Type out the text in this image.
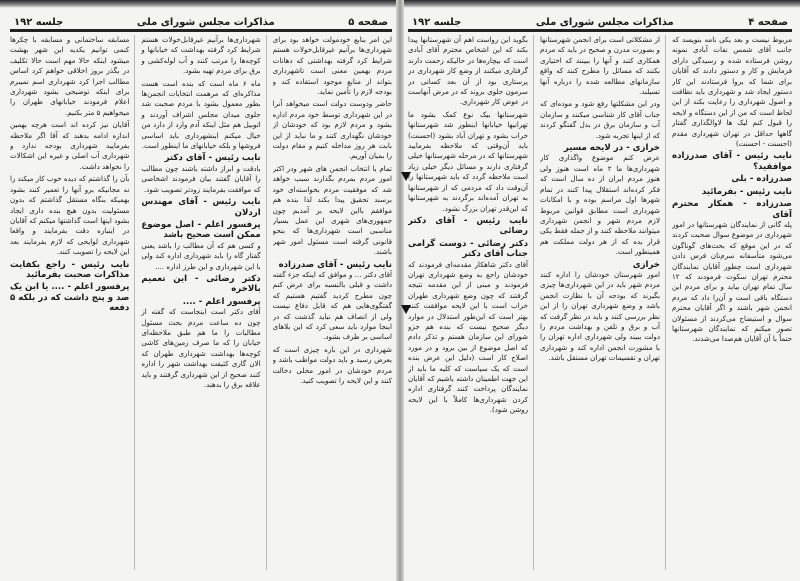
صفحه ۵
مذاکرات مجلس شورای ملی
جلسه ۱۹۲

این امر بنابع خودمولت خواهد بود برای شهرداری‌ها برآنیم غیرقابل‌خولات هستم شرایط کرد گرفته بهداشتی که دهانات مردم بهمین معنی است تاشهرداری بتواند از منابع موجود استفاده کند و بودجه لازم را تأمین نماید.

حاضر ودوست دولت است میخواهد آنرا در این شهرداری توسط خود مردم اداره بشود و مردم لازم بود که خودشان از خودشان نگهداری کنند و ما نباید از این بابت هر روز مداخله کنیم و مقام دولت را بمیان آوریم.

تمام با انتخاب انجمن های شهر ودر اکثر امور مردم بمردم بگذارند سبب خواهد شد که موفقیت مردم بخواسته‌ای خود برسند تحقیق پیدا بکند لذا بنده هم موافقم بااین لایحه بر آمدیم چون جمهوری‌های شهری این عمل بسیار مناسبی است شهرداری‌ها که بنحو قانونی گرفته است مسئول امور شهر باشند.

نایب رئیس - آقای صدرزاده

آقای دکتر ... و موافق که اینکه جزء گفته داشت و قبلی بالنسبه برای عرض کنم چون مطرح کردید گفتیم هستیم که گفتگوی‌هایی هم که قابل دفاع نیست ولی از انصاف هم نباید گذشت که در اینجا موارد باید سعی کرد که این بلاهای اساسی بر طرف بشود.

شهرداری در این باره چیزی است که بعرض رسید و باید دولت مواظب باشد و مردم خودشان در امور محلی دخالت کنند و این لایحه را تصویب کنید.

شهرداری‌ها برآنیم غیرقابل‌خولات هستم شرایط کرد گرفته بهداشت که خیابانها و کوچه‌ها را مرتب کنند و آب لوله‌کشی و برق برای مردم تهیه بشود.

ماه ۶ ماه است که بنده است هست مذاکره‌ای که مرهمت انتخابات انجمن‌ها بطور معمول بشود با مردم صحبت شد جلوی میدان مجلس اشراف آوردند و اتوبیل هم مثل اینکه آدم وارد از دارد من خیال میکنم اینشهرداری باید اساسی فروشها و بلکه خیابانهای ما اینطور است.

نایب رئیس - آقای دکتر

بادقت و ابراز داشته باشند چون مطالب را آقایان گفتند بیان فرمودند اشخاصی که موافقت بفرمایند زودتر تصویب شود.

نایب رئیس - آقای مهندس اردلان
پرفسور اعلم - اصل موضوع ممکن است صحیح باشد

و کسی هم که آن مطالب را باشد یعنی گفتار گاه را باید شهرداری اداره کند ولی با این شهرداری و این طرز اداره ....

دکتر رضائی - این تعمیم بالاخره
پرفسور اعلم - ....

آقای دکتر است اینجاست که گفته از چون ده ساعت مردم بحث مسئول مطالبات را ما هم طبق ملاحظه‌ای خیابان را که ما صرف زمین‌های کاشی کوچه‌ها بهداشت شهرداری طهران که الان گاری کثیفت بهداشت شهر را اداره کنند صحیح از این شهرداری گرفتند و باید علاقه برق را بدهند.

مسابقه ساختمانی و مسابقه با چکرها کنمی توانیم یکدیه این شهر بهشت میشود اینکه حالا مهم است حالا تکلیف در بگذر بروز اخلاقی خواهم کرد اساس مطالب اجرا کرد شهرداری اسم نمیبرم برای اینکه توضیحی بشود شهرداری اعلام فرمودند خیابانهای طهران را میخواهیم ۵ متر بکنیم.

آقایان نیز کرده اند است هرچه بهمین اندازه ادامه بدهند که آقا اگر ملاحظه بفرمایید شهرداری بودجه ندارد و شهرداری آب اصلی و غیره این اشکالات را نخواهد داشت.

بآن را گذاشتم که دیده خوب کار میکند را نه مجانیکه برو آنها را تعمیر کنند بشود بهمیکه بنگاه مستقل گذاشتم که بدون مسئولیت بدون هیچ بنده داری ایجاد بشود اینها است گذاشتها میکنم که آقایان در اینباره دقت بفرمایند و واقعا شهرداری لوایحی که لازم بفرمایند بعد این لایحه را تصویب کنند.

نایب رئیس - راجع بکفایت مذاکرات صحبت بفرمائید
پرفسور اعلم - .... یا ابن یک صد و پنج داشت که در بلکه ۵ دفعه
صفحه ۴
مذاکرات مجلس شورای ملی
جلسه ۱۹۲

مربوط نیست و بعد یکی نامه بنویسد که جانب آقای شمس نفات آبادی نمونه روشن فرستاده شده و رسیدگی دارای فرمایش و کار و دستور دادند که آقایان برای شما که بروا فرستادند این کار دستور ایجاد شد و شهرداری باید نظافت و اصول شهرداری را رعایت بکند از این لحاظ است که من از این دستگاه و لایحه را قبول کنم لیک ها لاوالگذاری گفتار گاهها حداقل در تهران شهرداری مقدم (احسنت - احسنت)

نایب رئیس - آقای صدرزاده موافقید؟
صدرزاده - بلی
نایب رئیس - بفرمائید
صدرزاده - همکار محترم آقای

پله گانی از نمایندگان شهرستانها در امور شهرداری در موضوع سوال صحبت کردند که در این موقع که بحث‌های گوناگون می‌شود متأسفانه سرم‌نان فرس دادن شهرداری است چطور آقایان نمایندگان محترم تهران سکوت فرمودند که ۱۲ سال تمام تهران بیاید و برای مردم این دستگاه باقی است و آن‌را داد که مردم انجمن شهر باشند و اگر آقایان محترم سوال و استیضاح می‌کردند از مسئولان تصور میکنم که نمایندگان شهرستانها حتماً با آن آقایان هم‌صدا می‌شدند.

از مشکلاتی است برای انجمن شهرستانها و بصورت مدرن و صحیح در باید که مردم همکاری کنند و آنها را ببینند که اختیاری بکنند که مسائل را مطرح کنند که واقع سازمانهای مطالعه شده را درباره آنها تسیلند.

ودر این مشکلتها رفع شود و موده‌ای که جناب آقای کار شناسی میکنند و سازمان آب و سازمان برق در بدل گفتگو کردند که از اینها تجربه شود.

خرازی - در لایحه مسیر

عرض کنم موضوع واگذاری کار شهرداری‌ها ما ۲ ماه است هنوز ولی هنوز مردم ایران از ده سال است که فکر کرده‌اند استقلال پیدا کنند در تمام شهرها اول مراسم بوده و با امکانات شهرداری است مطابق قوانین مربوط لازم مردم شهر و انجمن شهرداری میتوانند ملاحظه کنند و از جمله فقط یکی قرار بده که از هر دولت مملکت هم همینطور است.

خرازی

امور شهرستان خودشان را اداره کنند مردم شهر باید در این شهرداری‌ها چیزی بگیرند که بودجه آن با نظارت انجمن باشد و وضع شهرداری تهران را از این نظر بررسی کنند و باید در نظر گرفت که آب و برق و تلفن و بهداشت مردم را دولت ببیند ولی شهرداری اداره تهران را با مشورت انجمن اداره کند و شهرداری تهران و تقسیمات تهران مستقل باشد.

بگوید این رواست اهم آن شهرستانها پیدا بکند که این اشخاص محترم آقای آبادی است که بیچاره‌ها در حالیکه زحمت دارند گرفتاری میکنند از وضع کار شهرداری در پرستاری بود از آن بعد کسانی در سرمون جلوی بروند که در مرض آنهاست در عوض کار شهرداری.

شهرستانها بیک نوع کمک بشود ما تهرانیها خیابانها اینطور شد شهرستانها خراب بشود و تهران آباد بشود (احسنت) باید آن‌وقتی که ملاحظه بفرمایید شهرستانها که در مرحله شهرستانها خیلی گرفتاری دارند و مسائل دیگر خیلی زیاد است ملاحظه گردد که باید شهرستانها را آن‌وقت داد که مردمی که از شهرستانها به تهران آمده‌اند برگردند به شهرستانها که این‌قدر تهران بزرگ نشود.

نایب رئیس - آقای دکتر رضائی
دکتر رضائی - دوست گرامی جناب آقای دکتر

آقای دکتر شاهکار مقدمه‌ای فرمودند که خودشان راجع به وضع شهرداری تهران فرمودند و مبنی از این مقدمه نتیجه گرفتند که چون وضع شهرداری طهران خراب است با این لایحه موافقت کنند بهتر است که این‌طور استدلال در موارد دیگر صحیح نیست که بنده هم جزو شورای این سازمان هستم و تذکر دادم که اصل موضوع از بین برود و در مورد اصلاح کار است (دلیل این عرض بنده است که یک سیاست که کلیه ما باید از این جهت اطمینان داشته باشیم که آقایان نمایندگان پرداخت کنند گرفتاری اداره کردن شهرداری‌ها کاملاً با این لایحه روشن شود).
